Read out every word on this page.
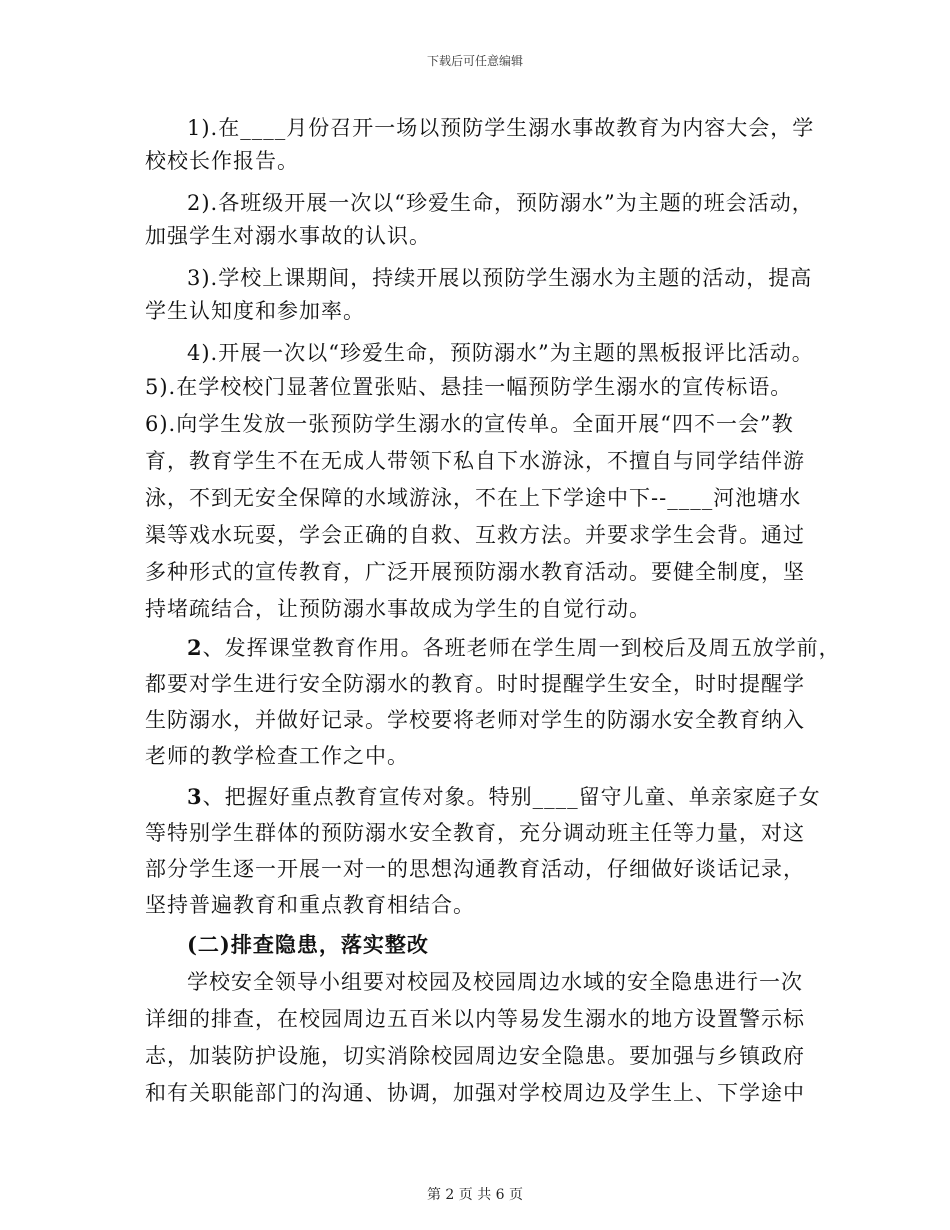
下载后可任意编辑
1).在____月份召开一场以预防学生溺水事故教育为内容大会，学
校校长作报告。
2).各班级开展一次以“珍爱生命，预防溺水”为主题的班会活动，
加强学生对溺水事故的认识。
3).学校上课期间，持续开展以预防学生溺水为主题的活动，提高
学生认知度和参加率。
4).开展一次以“珍爱生命，预防溺水”为主题的黑板报评比活动。
5).在学校校门显著位置张贴、悬挂一幅预防学生溺水的宣传标语。
6).向学生发放一张预防学生溺水的宣传单。全面开展“四不一会”教
育，教育学生不在无成人带领下私自下水游泳，不擅自与同学结伴游
泳，不到无安全保障的水域游泳，不在上下学途中下--____河池塘水
渠等戏水玩耍，学会正确的自救、互救方法。并要求学生会背。通过
多种形式的宣传教育，广泛开展预防溺水教育活动。要健全制度，坚
持堵疏结合，让预防溺水事故成为学生的自觉行动。
2、发挥课堂教育作用。各班老师在学生周一到校后及周五放学前，
都要对学生进行安全防溺水的教育。时时提醒学生安全，时时提醒学
生防溺水，并做好记录。学校要将老师对学生的防溺水安全教育纳入
老师的教学检查工作之中。
3、把握好重点教育宣传对象。特别____留守儿童、单亲家庭子女
等特别学生群体的预防溺水安全教育，充分调动班主任等力量，对这
部分学生逐一开展一对一的思想沟通教育活动，仔细做好谈话记录，
坚持普遍教育和重点教育相结合。
(二)排查隐患，落实整改
学校安全领导小组要对校园及校园周边水域的安全隐患进行一次
详细的排查，在校园周边五百米以内等易发生溺水的地方设置警示标
志，加装防护设施，切实消除校园周边安全隐患。要加强与乡镇政府
和有关职能部门的沟通、协调，加强对学校周边及学生上、下学途中
第 2 页 共 6 页
